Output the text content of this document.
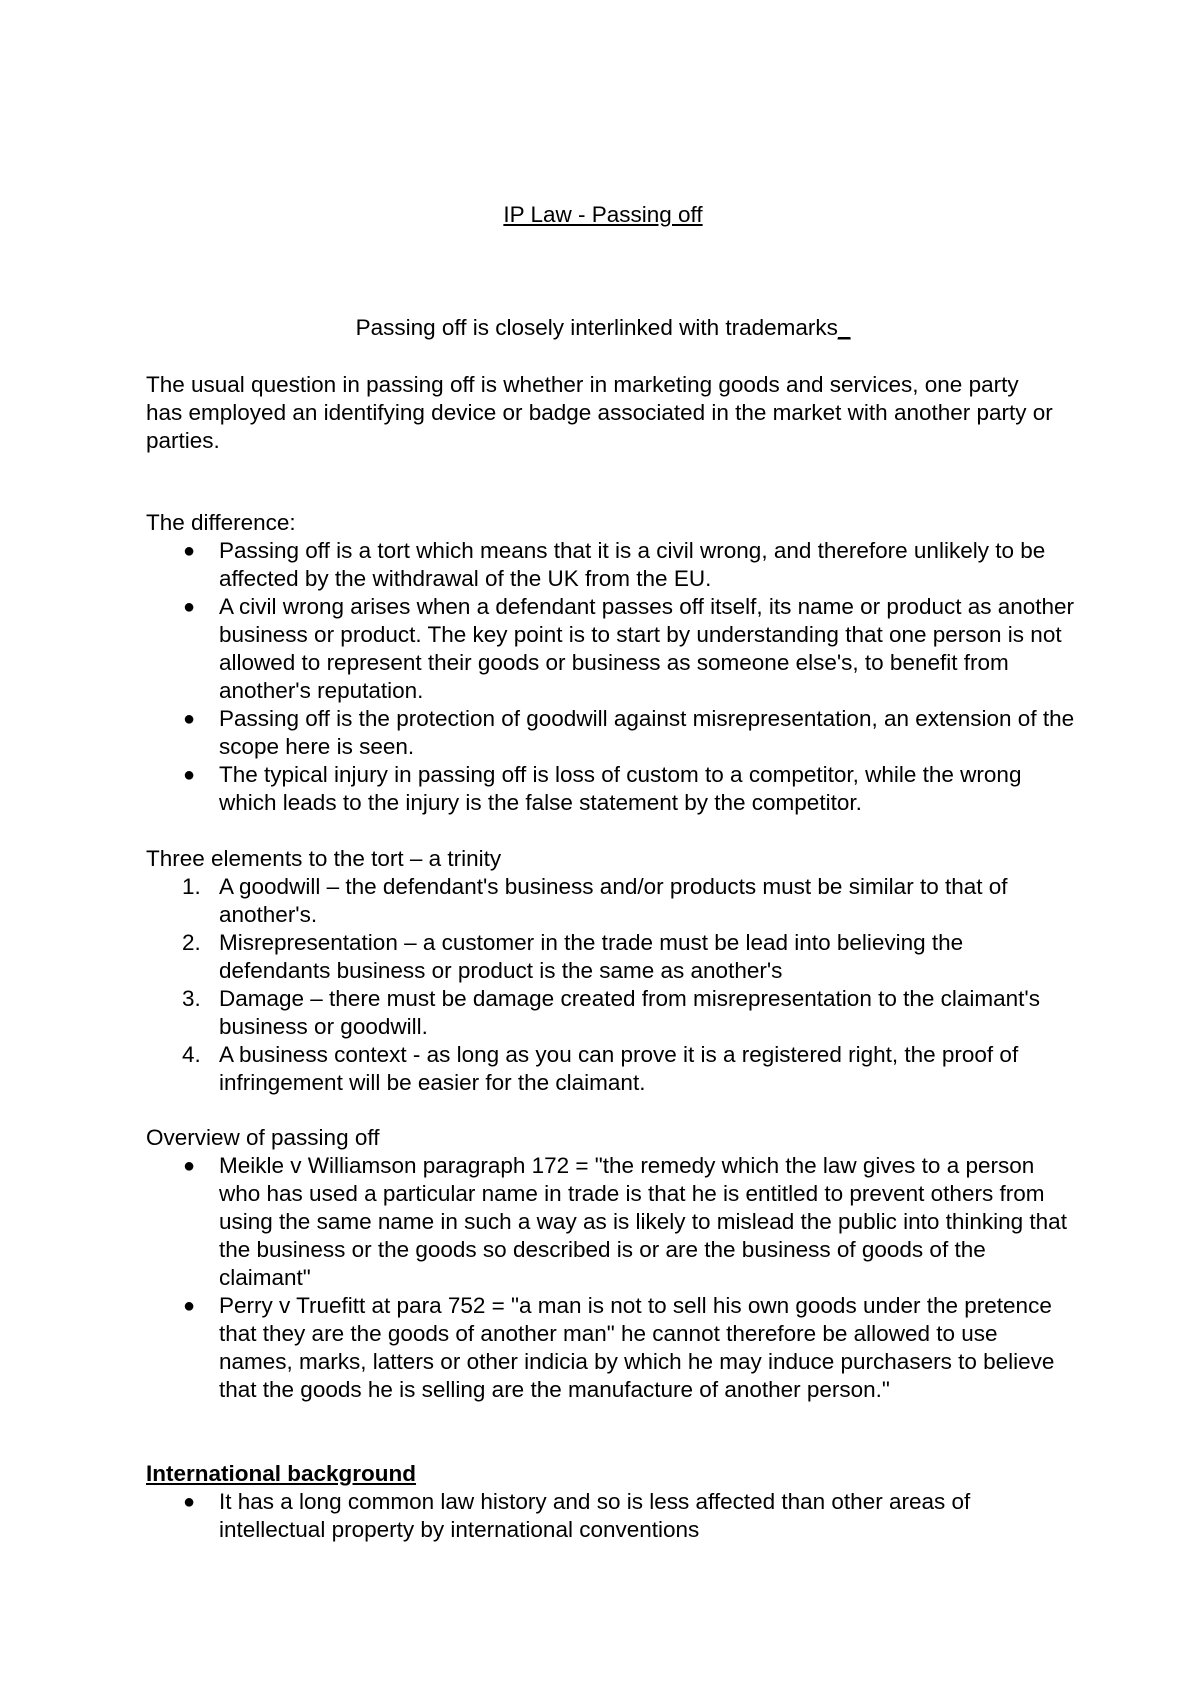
IP Law - Passing off
Passing off is closely interlinked with trademarks_
The usual question in passing off is whether in marketing goods and services, one party has employed an identifying device or badge associated in the market with another party or parties.
The difference:
● Passing off is a tort which means that it is a civil wrong, and therefore unlikely to be affected by the withdrawal of the UK from the EU.
● A civil wrong arises when a defendant passes off itself, its name or product as another business or product. The key point is to start by understanding that one person is not allowed to represent their goods or business as someone else's, to benefit from another's reputation.
● Passing off is the protection of goodwill against misrepresentation, an extension of the scope here is seen.
● The typical injury in passing off is loss of custom to a competitor, while the wrong which leads to the injury is the false statement by the competitor.
Three elements to the tort – a trinity
1. A goodwill – the defendant's business and/or products must be similar to that of another's.
2. Misrepresentation – a customer in the trade must be lead into believing the defendants business or product is the same as another's
3. Damage – there must be damage created from misrepresentation to the claimant's business or goodwill.
4. A business context - as long as you can prove it is a registered right, the proof of infringement will be easier for the claimant.
Overview of passing off
● Meikle v Williamson paragraph 172 = "the remedy which the law gives to a person who has used a particular name in trade is that he is entitled to prevent others from using the same name in such a way as is likely to mislead the public into thinking that the business or the goods so described is or are the business of goods of the claimant"
● Perry v Truefitt at para 752 = "a man is not to sell his own goods under the pretence that they are the goods of another man" he cannot therefore be allowed to use names, marks, latters or other indicia by which he may induce purchasers to believe that the goods he is selling are the manufacture of another person."
International background
● It has a long common law history and so is less affected than other areas of intellectual property by international conventions
